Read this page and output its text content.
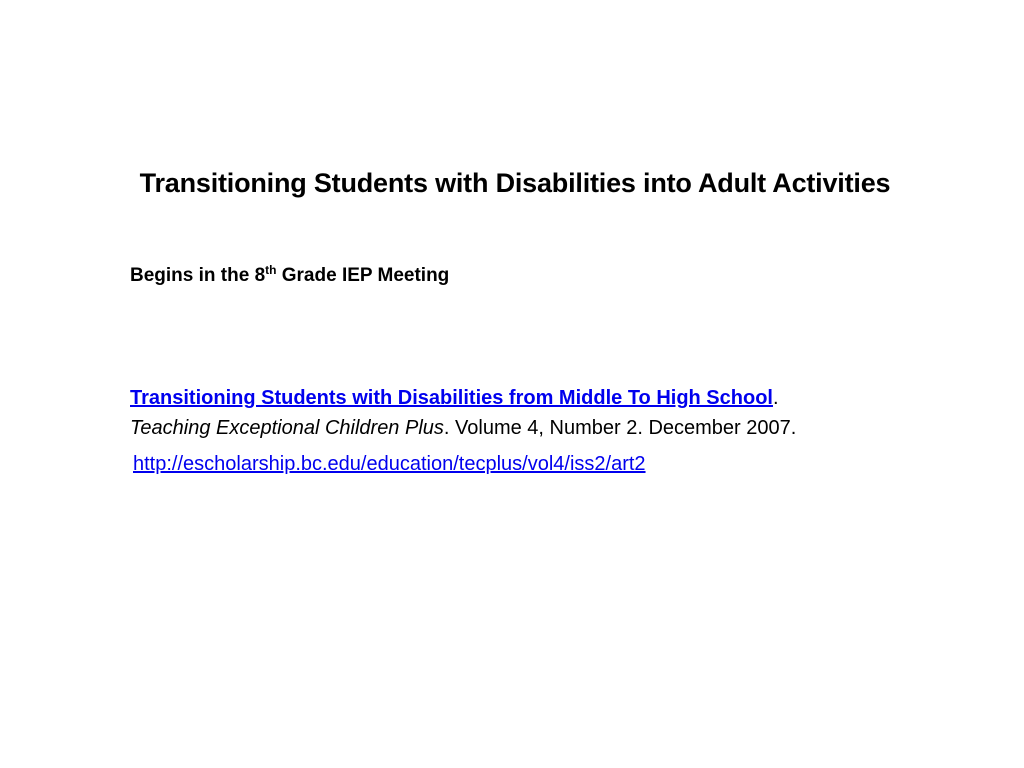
Transitioning Students with Disabilities into Adult Activities
Begins in the 8th Grade IEP Meeting
Transitioning Students with Disabilities from Middle To High School.
Teaching Exceptional Children Plus. Volume 4, Number 2. December 2007.
http://escholarship.bc.edu/education/tecplus/vol4/iss2/art2
